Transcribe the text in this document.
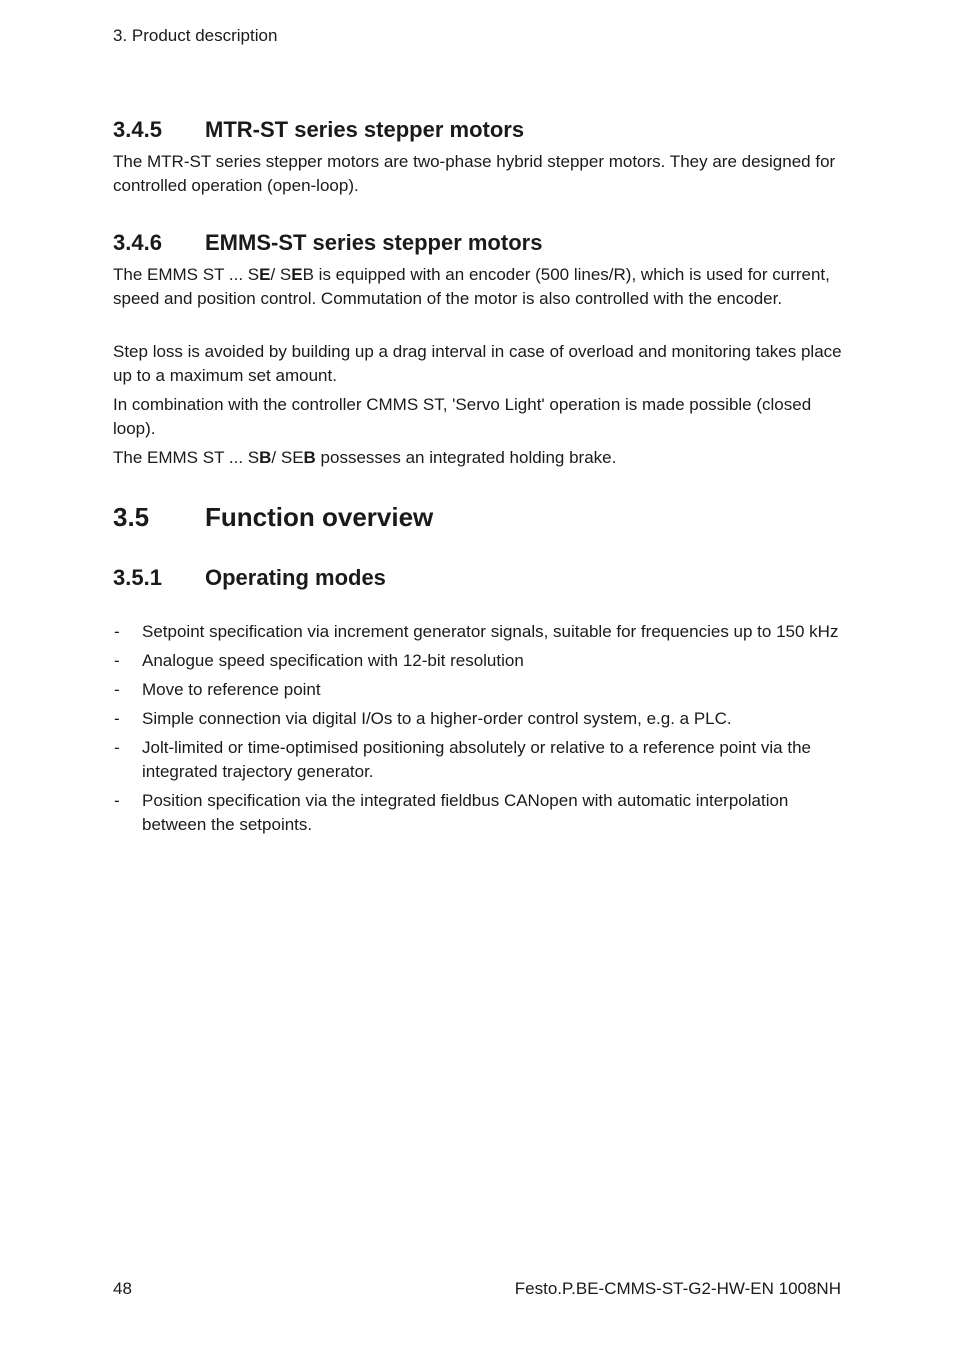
3. Product description
3.4.5 MTR-ST series stepper motors
The MTR-ST series stepper motors are two-phase hybrid stepper motors. They are designed for controlled operation (open-loop).
3.4.6 EMMS-ST series stepper motors
The EMMS ST ... SE/ SEB is equipped with an encoder (500 lines/R), which is used for current, speed and position control. Commutation of the motor is also controlled with the encoder.
Step loss is avoided by building up a drag interval in case of overload and monitoring takes place up to a maximum set amount.
In combination with the controller CMMS ST, 'Servo Light' operation is made possible (closed loop).
The EMMS ST ... SB/ SEB possesses an integrated holding brake.
3.5 Function overview
3.5.1 Operating modes
- Setpoint specification via increment generator signals, suitable for frequencies up to 150 kHz
- Analogue speed specification with 12-bit resolution
- Move to reference point
- Simple connection via digital I/Os to a higher-order control system, e.g. a PLC.
- Jolt-limited or time-optimised positioning absolutely or relative to a reference point via the integrated trajectory generator.
- Position specification via the integrated fieldbus CANopen with automatic interpolation between the setpoints.
48	Festo.P.BE-CMMS-ST-G2-HW-EN 1008NH
